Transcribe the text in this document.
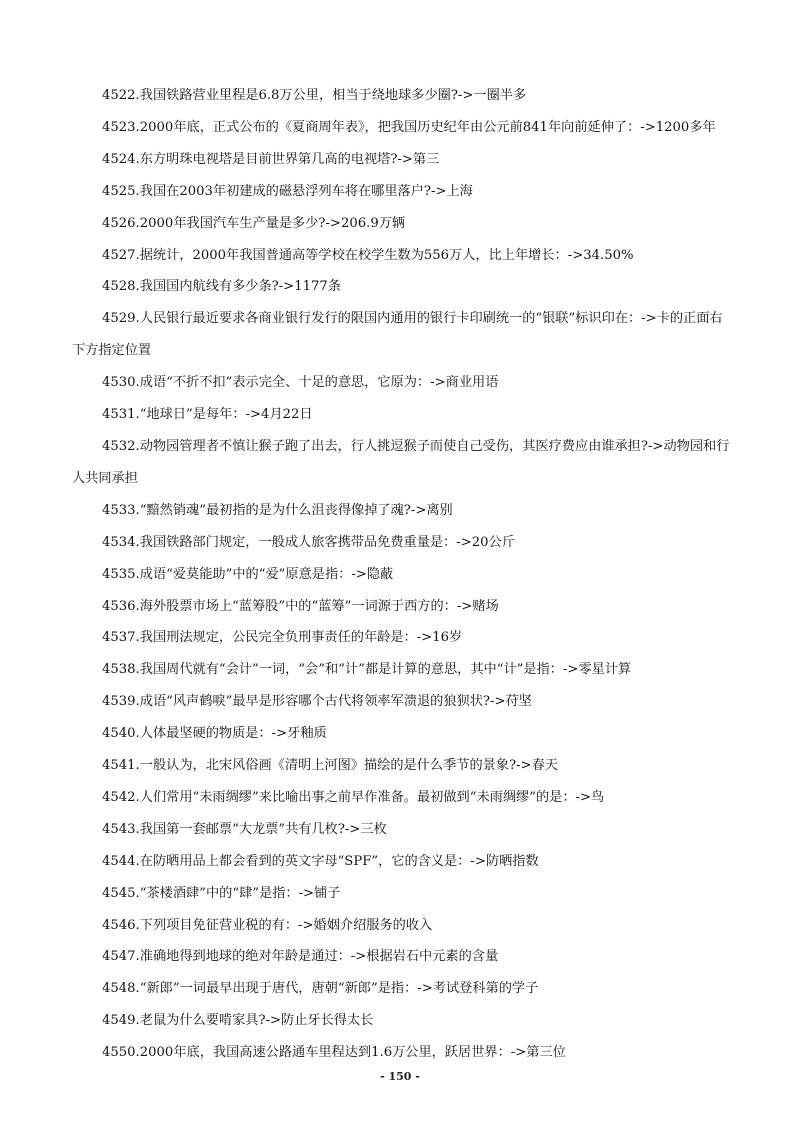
4522.我国铁路营业里程是6.8万公里，相当于绕地球多少圈?->一圈半多
4523.2000年底，正式公布的《夏商周年表》，把我国历史纪年由公元前841年向前延伸了：->1200多年
4524.东方明珠电视塔是目前世界第几高的电视塔?->第三
4525.我国在2003年初建成的磁悬浮列车将在哪里落户?->上海
4526.2000年我国汽车生产量是多少?->206.9万辆
4527.据统计，2000年我国普通高等学校在校学生数为556万人，比上年增长：->34.50%
4528.我国国内航线有多少条?->1177条
4529.人民银行最近要求各商业银行发行的限国内通用的银行卡印刷统一的“银联”标识印在：->卡的正面右下方指定位置
4530.成语“不折不扣”表示完全、十足的意思，它原为：->商业用语
4531.“地球日”是每年：->4月22日
4532.动物园管理者不慎让猴子跑了出去，行人挑逗猴子而使自己受伤，其医疗费应由谁承担?->动物园和行人共同承担
4533.“黯然销魂”最初指的是为什么沮丧得像掉了魂?->离别
4534.我国铁路部门规定，一般成人旅客携带品免费重量是：->20公斤
4535.成语“爱莫能助”中的“爱”原意是指：->隐蔽
4536.海外股票市场上“蓝筹股”中的“蓝筹”一词源于西方的：->赌场
4537.我国刑法规定，公民完全负刑事责任的年龄是：->16岁
4538.我国周代就有“会计”一词，“会”和“计”都是计算的意思，其中“计”是指：->零星计算
4539.成语“风声鹤唳”最早是形容哪个古代将领率军溃退的狼狈状?->苻坚
4540.人体最坚硬的物质是：->牙釉质
4541.一般认为，北宋风俗画《清明上河图》描绘的是什么季节的景象?->春天
4542.人们常用“未雨绸缪”来比喻出事之前早作准备。最初做到“未雨绸缪”的是：->鸟
4543.我国第一套邮票“大龙票”共有几枚?->三枚
4544.在防晒用品上都会看到的英文字母“SPF”，它的含义是：->防晒指数
4545.“茶楼酒肆”中的“肆”是指：->铺子
4546.下列项目免征营业税的有：->婚姻介绍服务的收入
4547.准确地得到地球的绝对年龄是通过：->根据岩石中元素的含量
4548.“新郎”一词最早出现于唐代，唐朝“新郎”是指：->考试登科第的学子
4549.老鼠为什么要啃家具?->防止牙长得太长
4550.2000年底，我国高速公路通车里程达到1.6万公里，跃居世界：->第三位
- 150 -
